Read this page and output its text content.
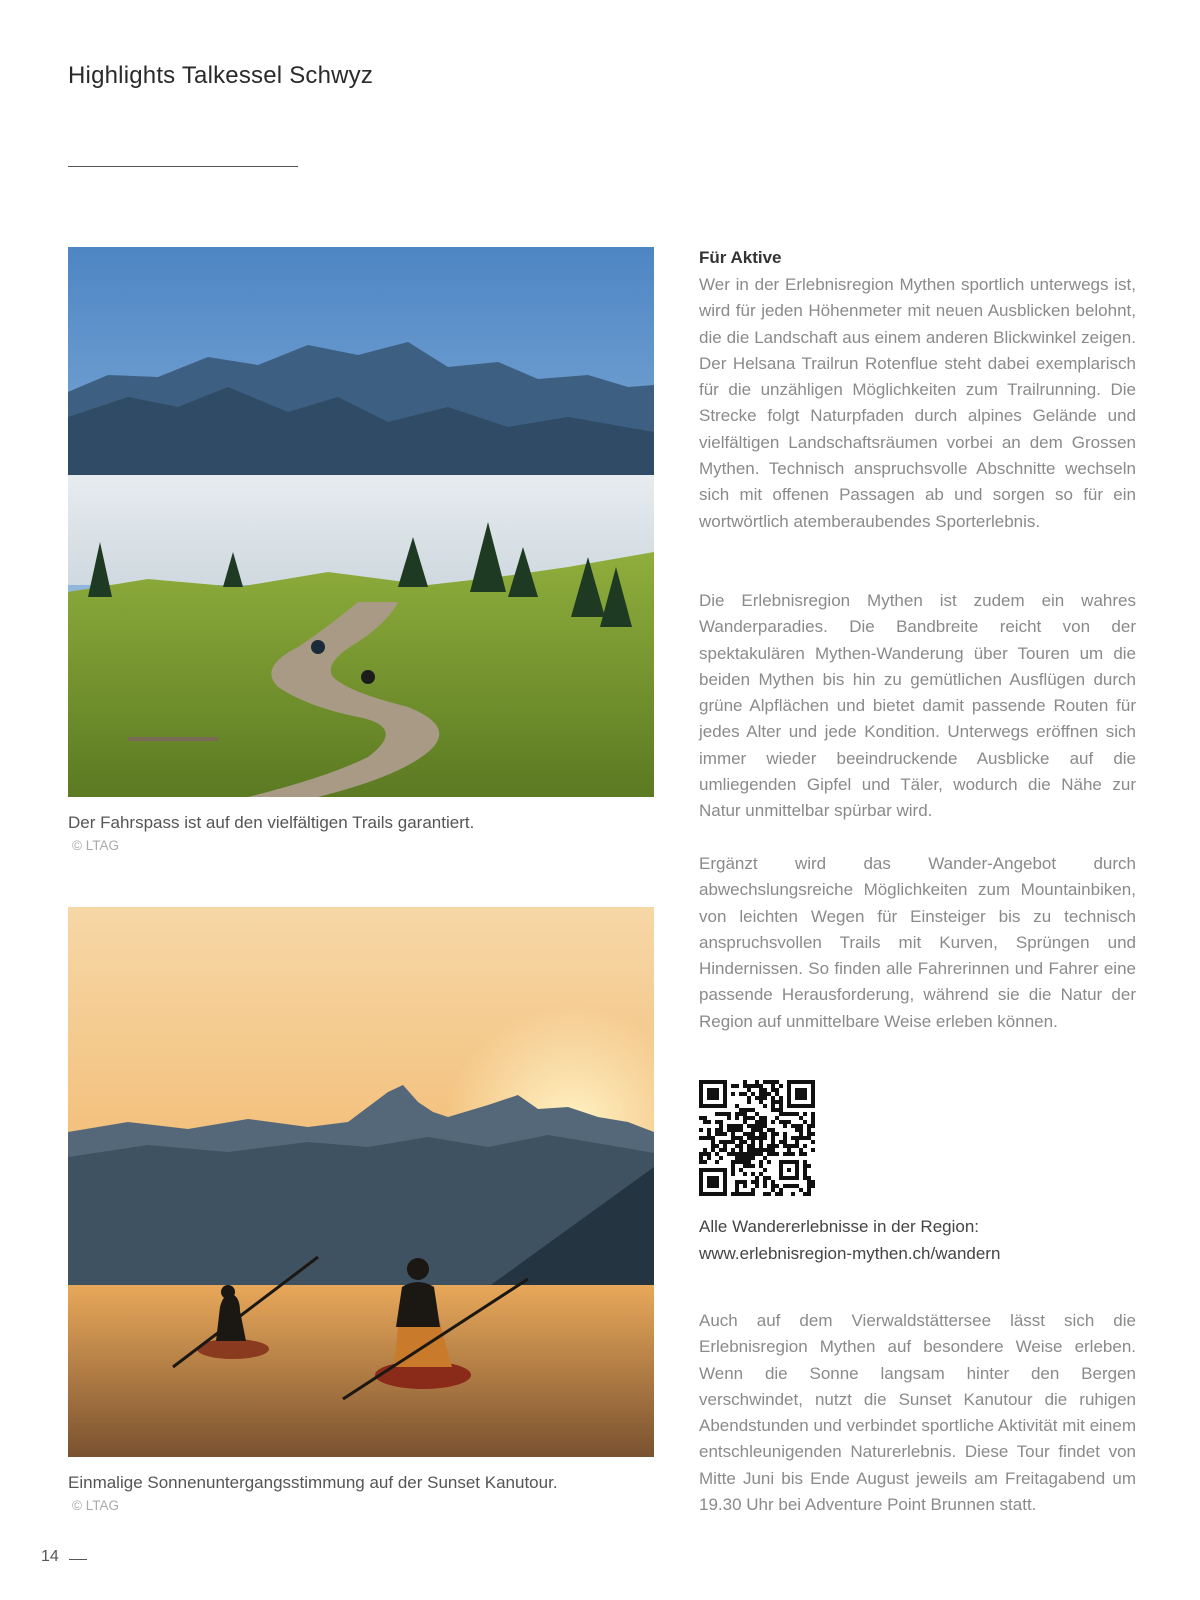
Highlights Talkessel Schwyz
Der Fahrspass ist auf den vielfältigen Trails garantiert.
© LTAG
Einmalige Sonnenuntergangsstimmung auf der Sunset Kanutour.
© LTAG
Für Aktive

Wer in der Erlebnisregion Mythen sportlich unterwegs ist, wird für jeden Höhenmeter mit neuen Ausblicken belohnt, die die Landschaft aus einem anderen Blickwinkel zeigen. Der Helsana Trailrun Rotenflue steht dabei exemplarisch für die unzähligen Möglichkeiten zum Trailrunning. Die Strecke folgt Naturpfaden durch alpines Gelände und vielfältigen Landschaftsräumen vorbei an dem Grossen Mythen. Technisch anspruchsvolle Abschnitte wechseln sich mit offenen Passagen ab und sorgen so für ein wortwörtlich atemberaubendes Sporterlebnis.

Die Erlebnisregion Mythen ist zudem ein wahres Wanderparadies. Die Bandbreite reicht von der spektakulären Mythen-Wanderung über Touren um die beiden Mythen bis hin zu gemütlichen Ausflügen durch grüne Alpflächen und bietet damit passende Routen für jedes Alter und jede Kondition. Unterwegs eröffnen sich immer wieder beeindruckende Ausblicke auf die umliegenden Gipfel und Täler, wodurch die Nähe zur Natur unmittelbar spürbar wird.

Ergänzt wird das Wander-Angebot durch abwechslungsreiche Möglichkeiten zum Mountainbiken, von leichten Wegen für Einsteiger bis zu technisch anspruchsvollen Trails mit Kurven, Sprüngen und Hindernissen. So finden alle Fahrerinnen und Fahrer eine passende Herausforderung, während sie die Natur der Region auf unmittelbare Weise erleben können.

Alle Wandererlebnisse in der Region:
www.erlebnisregion-mythen.ch/wandern

Auch auf dem Vierwaldstättersee lässt sich die Erlebnisregion Mythen auf besondere Weise erleben. Wenn die Sonne langsam hinter den Bergen verschwindet, nutzt die Sunset Kanutour die ruhigen Abendstunden und verbindet sportliche Aktivität mit einem entschleunigenden Naturerlebnis. Diese Tour findet von Mitte Juni bis Ende August jeweils am Freitagabend um 19.30 Uhr bei Adventure Point Brunnen statt.

14
